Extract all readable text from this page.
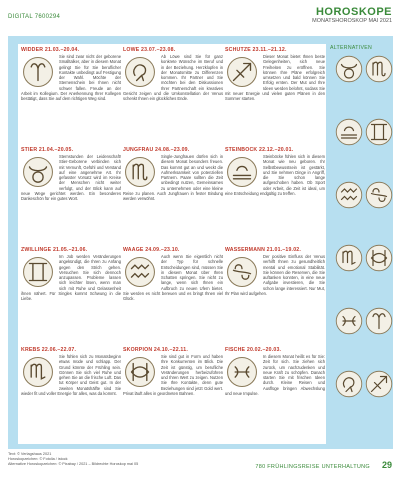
DIGITAL 7600294	HOROSKOPE
MONATSHOROSKOP MAI 2021
WIDDER 21.03.–20.04.
Sie sind zwar nicht der geborene Smalltalker, aber in diesem Monat gelingt Sie für Sie beruflicher Kontakte unbedingt auf Festigung der Wahl. Möchte der Sternenschein bei Ihnen nicht schwer fallen. Freude an der Arbeit im Kollegium. Der Anerkennung Ihrer Kollegen bestätigt, dass Sie auf dem richtigen Weg sind.
LÖWE 23.07.–23.08.
Ab Löwe sind Sie für ganz konkrete Wünsche im Beruf und in der Beziehung. Herzklopfen in der Monatsmitte zu Differenzen kommen. Ihr Partner und Sie möchten bei den Diskussionen Ihrer Partnerschaft ein kreatives Gesicht zeigen und die Umkonstellation der Venus schenkt Ihnen ein glückliches Ende.
SCHÜTZE 23.11.–21.12.
Dieser Monat bietet Ihnen beste Gelegenheiten, sich neue Freiheiten zu eröffnen. Sie können Ihre Pläne erfolgreich umsetzen und bald können Sie Erfolg ernten. Der Mut und Ihre Ideen werden belohnt, sodass Sie mit neuer Energie und vielen guten Plänen in den Sommer starten.
STIER 21.04.–20.05.
Sternstunden der Leidenschaft! Stier-Geborene verbinden sich mit Vernunft, Gefühl und Verstand auf eine angenehme Art. Ihr gefasster Vorsatz wird im Kreise der Menschen nicht weiter verfolgt, und der Blick kann auf neue Wege gerichtet werden. Ein besonderes Dankeschön für ein gutes Wort.
JUNGFRAU 24.08.–23.09.
Single-Jungfrauen dürfen sich in diesem Monat besonders freuen. Das kommt gut an und weckt die Aufmerksamkeit von potenziellen Partnern. Paare sollten die Zeit unbedingt nutzen, Gemeinsames zu unternehmen oder eine kleine Reise zu planen. Auch Jungfrauen in fester Bindung werden verwöhnt.
STEINBOCK 22.12.–20.01.
Steinböcke fühlen sich in diesem Monat wie neu geboren. Ihr Selbstbewusstsein ist gestärkt, und Sie nehmen Dinge in Angriff, die Sie schon lange aufgeschoben haben. Ob Sport oder Arbeit, die Zeit ist ideal, um eine Entscheidung endgültig zu treffen.
ZWILLINGE 21.05.–21.06.
Im Job werden Veränderungen angekündigt, die Ihren zu Anfang gegen den Strich gehen. Versuchen Sie sich dennoch anzupassen. Probleme lassen sich leichter lösen, wenn man sich mit Ruhe und Gelassenheit ihnen nähert. Für Singles kommt Schwung in die Liebe.
WAAGE 24.09.–23.10.
Auch wenn Sie eigentlich nicht der Typ für schnelle Entscheidungen sind, müssen Sie in diesem Monat über Ihren Schatten springen. Sie nicht zu lange, wenn sich Ihnen ein Aufbruch zu neuen Ufern bietet. Sie werden es nicht bereuen und es bringt Ihnen viel Glück.
WASSERMANN 21.01.–19.02.
Der positive Einfluss der Venus verhilft Ihnen zu gesundheitlich mental und emotional Stabilität. Sie können die Reserven, die Sie auftanken konnten, in eine neue Aufgabe investieren, die Sie schon lange interessiert. Nur Mut, Ihr Plan wird aufgehen.
KREBS 22.06.–22.07.
Sie fühlen sich zu Monatsbeginn etwas müde und schlapp. Der Grund könnte der Frühling sein. Gönnen Sie sich viel Ruhe und gehen Sie an die frische Luft. Das tut Körper und Geist gut. In der zweiten Monatshälfte sind Sie wieder fit und voller Energie für alles, was da kommt.
SKORPION 24.10.–22.11.
Sie sind gut in Form und haben Ihre Konkurrenten im Blick. Die Zeit ist günstig, um berufliche Veränderungen herbeizuführen und Ihren Wert zu zeigen. Nutzen Sie Ihre Kontakte, denn gute Beziehungen sind jetzt Gold wert. Privat läuft alles in geordneten Bahnen.
FISCHE 20.02.–20.03.
In diesem Monat heißt es für Sie: Zeit für sich. Sie ziehen sich zurück, um nachzudenken und neue Kraft zu schöpfen. Danach starten Sie mit frischen Ideen durch. Kleine Reisen und Ausflüge bringen Abwechslung und neue Impulse.
ALTERNATIVEN
Text: © Verlagshaus 2021
Horoskopzeichen: © Fotolia / istock
Alternative Horoskopzeichen: © Pixabay / 2021 – Bildrechte Horoskop mai 05
780 FRÜHLINGSREISE UNTERHALTUNG 29
